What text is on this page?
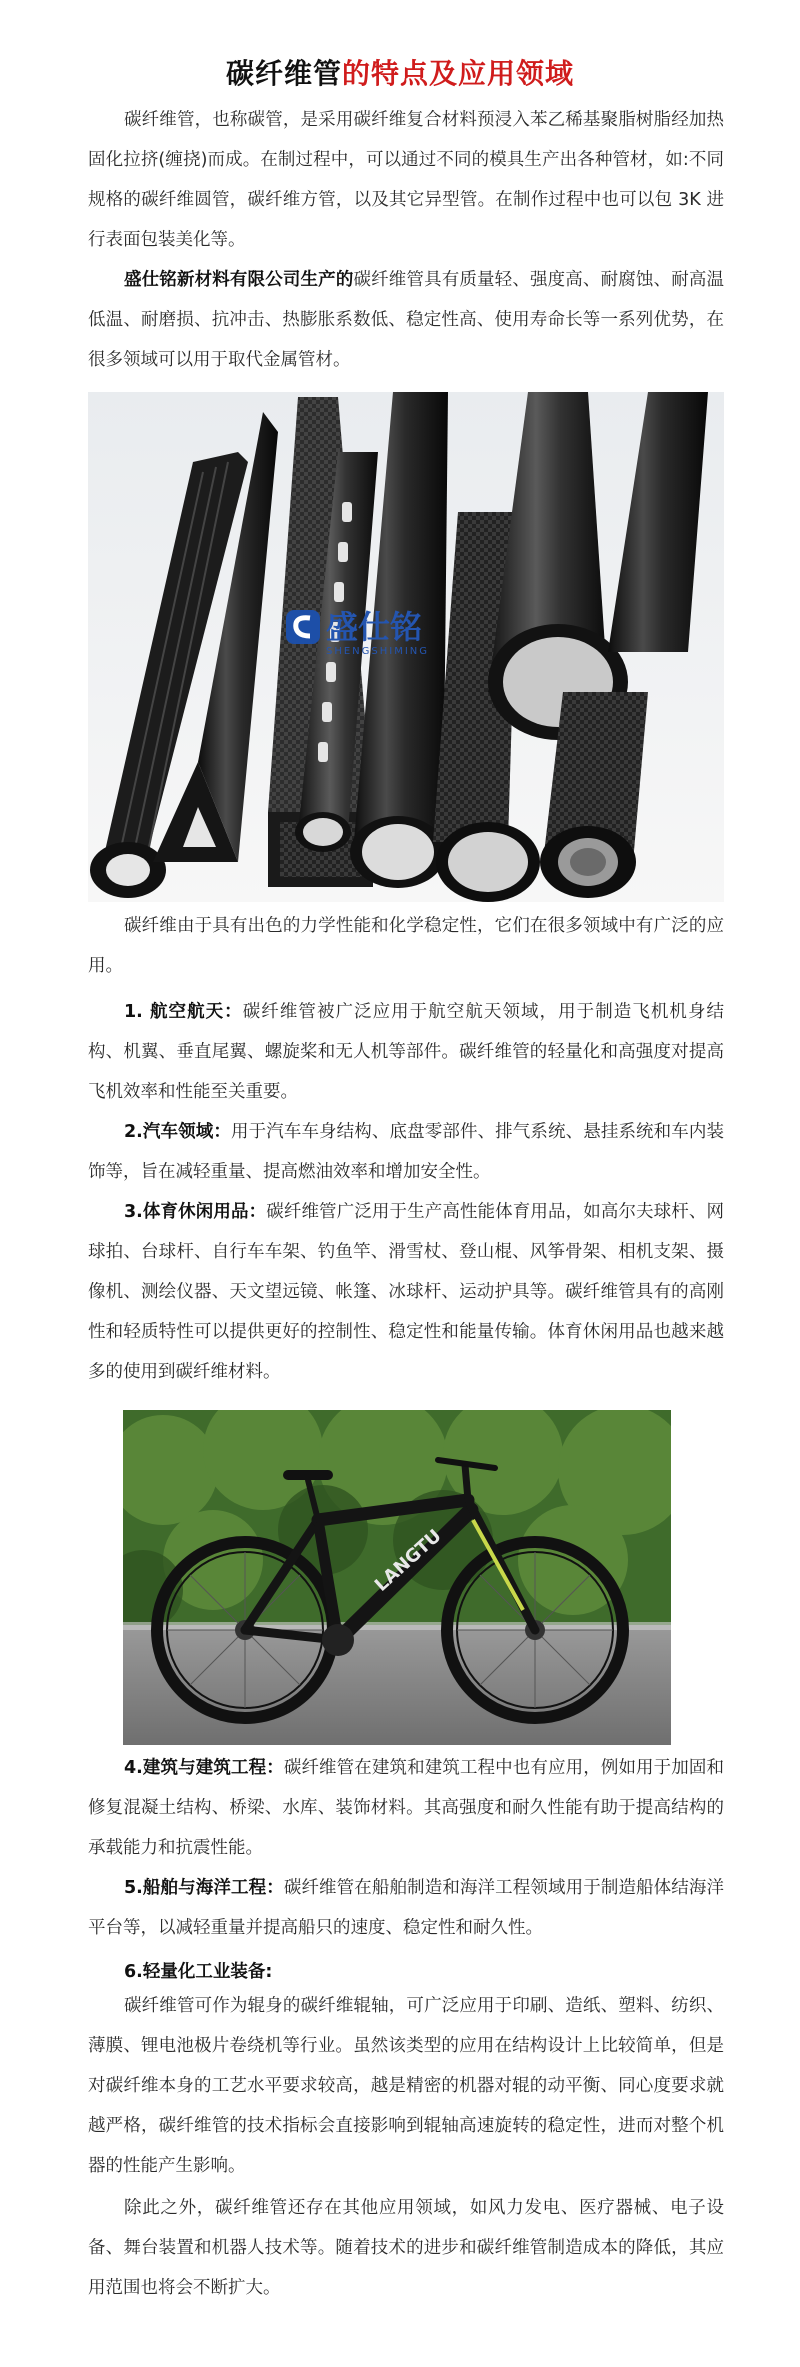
碳纤维管的特点及应用领域

碳纤维管，也称碳管，是采用碳纤维复合材料预浸入苯乙稀基聚脂树脂经加热固化拉挤(缠挠)而成。在制过程中，可以通过不同的模具生产出各种管材，如:不同规格的碳纤维圆管，碳纤维方管，以及其它异型管。在制作过程中也可以包 3K 进行表面包装美化等。

盛仕铭新材料有限公司生产的碳纤维管具有质量轻、强度高、耐腐蚀、耐高温低温、耐磨损、抗冲击、热膨胀系数低、稳定性高、使用寿命长等一系列优势，在很多领域可以用于取代金属管材。

盛仕铭
SHENGSHIMING

碳纤维由于具有出色的力学性能和化学稳定性，它们在很多领域中有广泛的应用。

1. 航空航天：碳纤维管被广泛应用于航空航天领域，用于制造飞机机身结构、机翼、垂直尾翼、螺旋桨和无人机等部件。碳纤维管的轻量化和高强度对提高飞机效率和性能至关重要。

2.汽车领域：用于汽车车身结构、底盘零部件、排气系统、悬挂系统和车内装饰等，旨在减轻重量、提高燃油效率和增加安全性。

3.体育休闲用品：碳纤维管广泛用于生产高性能体育用品，如高尔夫球杆、网球拍、台球杆、自行车车架、钓鱼竿、滑雪杖、登山棍、风筝骨架、相机支架、摄像机、测绘仪器、天文望远镜、帐篷、冰球杆、运动护具等。碳纤维管具有的高刚性和轻质特性可以提供更好的控制性、稳定性和能量传输。体育休闲用品也越来越多的使用到碳纤维材料。

LANGTU

4.建筑与建筑工程：碳纤维管在建筑和建筑工程中也有应用，例如用于加固和修复混凝土结构、桥梁、水库、装饰材料。其高强度和耐久性能有助于提高结构的承载能力和抗震性能。

5.船舶与海洋工程：碳纤维管在船舶制造和海洋工程领域用于制造船体结海洋平台等，以减轻重量并提高船只的速度、稳定性和耐久性。

6.轻量化工业装备:

碳纤维管可作为辊身的碳纤维辊轴，可广泛应用于印刷、造纸、塑料、纺织、薄膜、锂电池极片卷绕机等行业。虽然该类型的应用在结构设计上比较简单，但是对碳纤维本身的工艺水平要求较高，越是精密的机器对辊的动平衡、同心度要求就越严格，碳纤维管的技术指标会直接影响到辊轴高速旋转的稳定性，进而对整个机器的性能产生影响。

除此之外，碳纤维管还存在其他应用领域，如风力发电、医疗器械、电子设备、舞台装置和机器人技术等。随着技术的进步和碳纤维管制造成本的降低，其应用范围也将会不断扩大。
